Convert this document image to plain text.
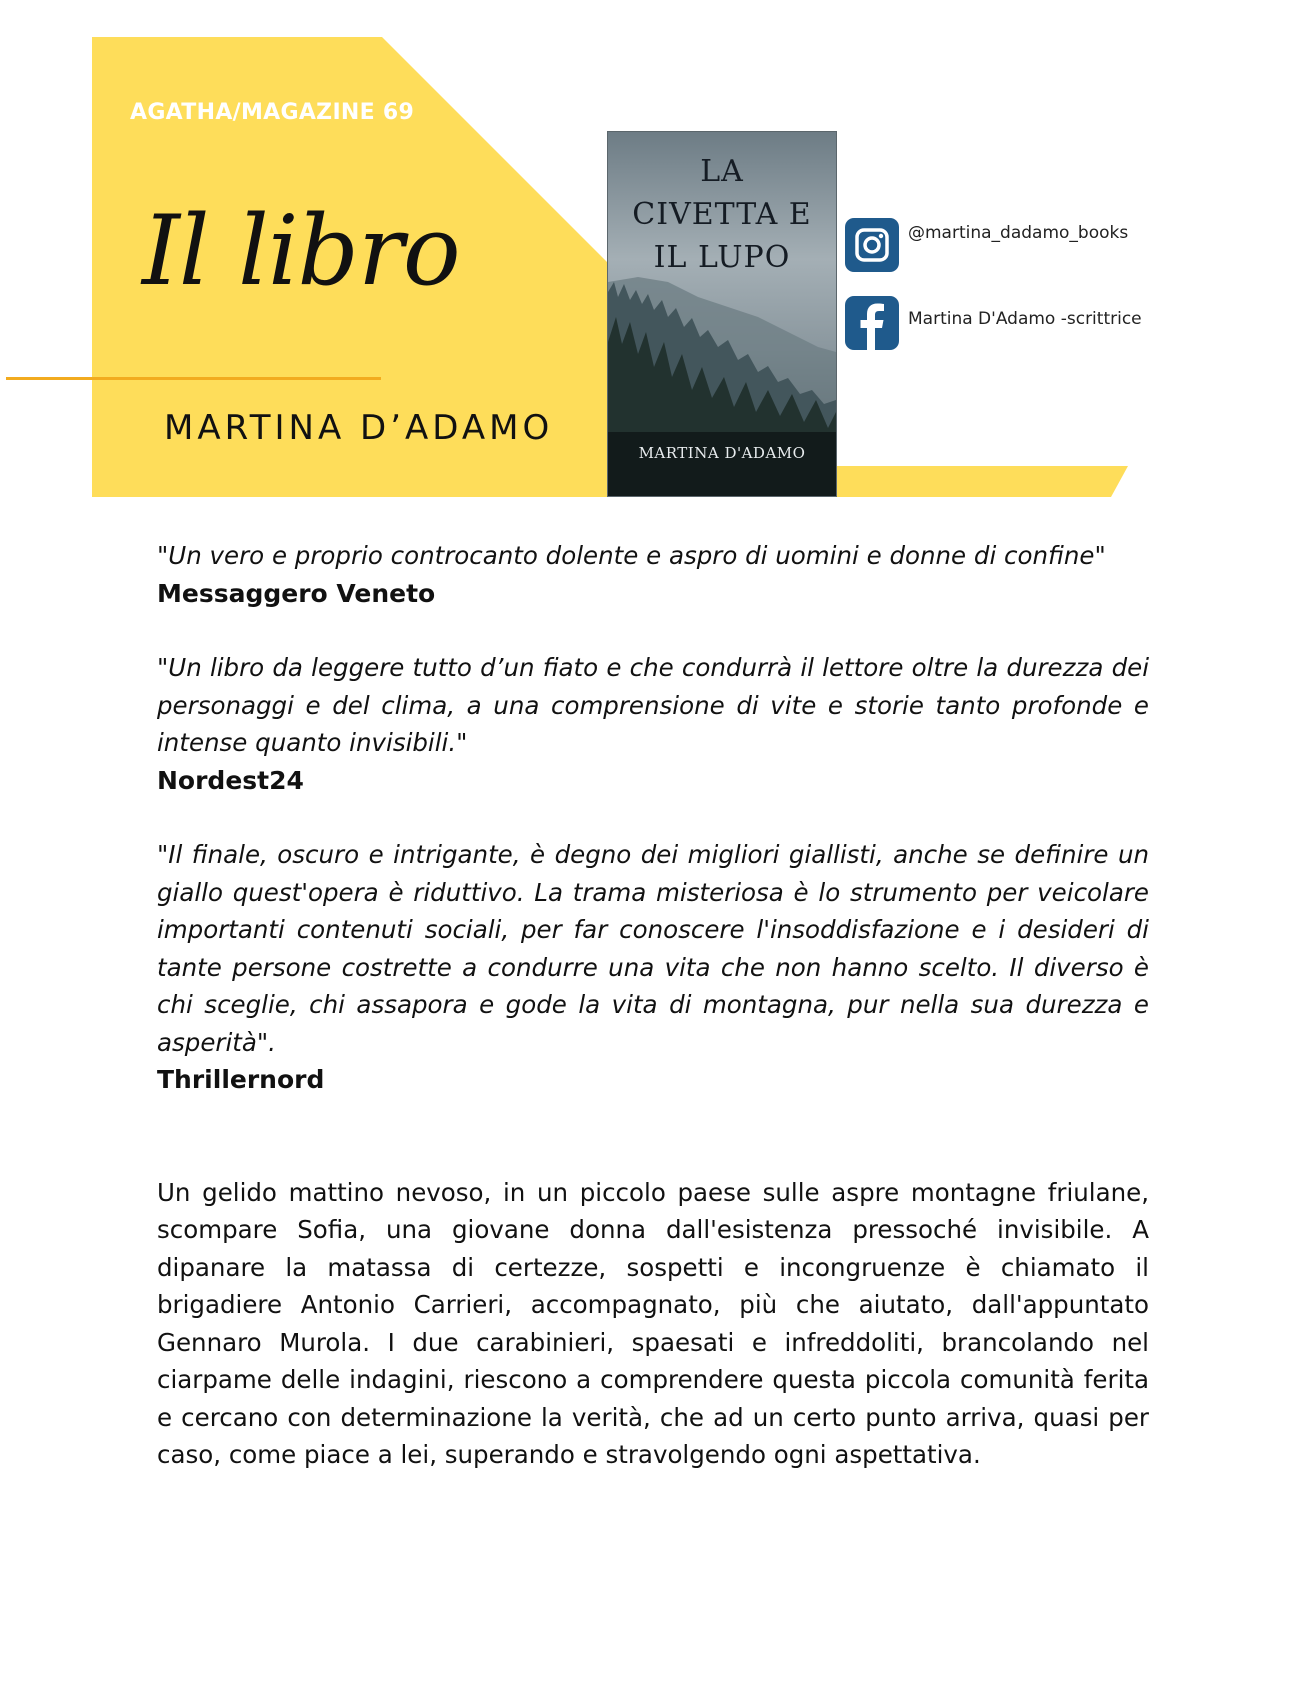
AGATHA/MAGAZINE 69
Il libro
MARTINA D’ADAMO
LA
CIVETTA E
IL LUPO
MARTINA D'ADAMO
@martina_dadamo_books
Martina D'Adamo -scrittrice

"Un vero e proprio controcanto dolente e aspro di uomini e donne di confine"

Messaggero Veneto

"Un libro da leggere tutto d’un fiato e che condurrà il lettore oltre la durezza dei personaggi e del clima, a una comprensione di vite e storie tanto profonde e intense quanto invisibili."

Nordest24

"Il finale, oscuro e intrigante, è degno dei migliori giallisti, anche se definire un giallo quest'opera è riduttivo. La trama misteriosa è lo strumento per veicolare importanti contenuti sociali, per far conoscere l'insoddisfazione e i desideri di tante persone costrette a condurre una vita che non hanno scelto. Il diverso è chi sceglie, chi assapora e gode la vita di montagna, pur nella sua durezza e asperità".

Thrillernord

Un gelido mattino nevoso, in un piccolo paese sulle aspre montagne friulane, scompare Sofia, una giovane donna dall'esistenza pressoché invisibile. A dipanare la matassa di certezze, sospetti e incongruenze è chiamato il brigadiere Antonio Carrieri, accompagnato, più che aiutato, dall'appuntato Gennaro Murola. I due carabinieri, spaesati e infreddoliti, brancolando nel ciarpame delle indagini, riescono a comprendere questa piccola comunità ferita e cercano con determinazione la verità, che ad un certo punto arriva, quasi per caso, come piace a lei, superando e stravolgendo ogni aspettativa.
